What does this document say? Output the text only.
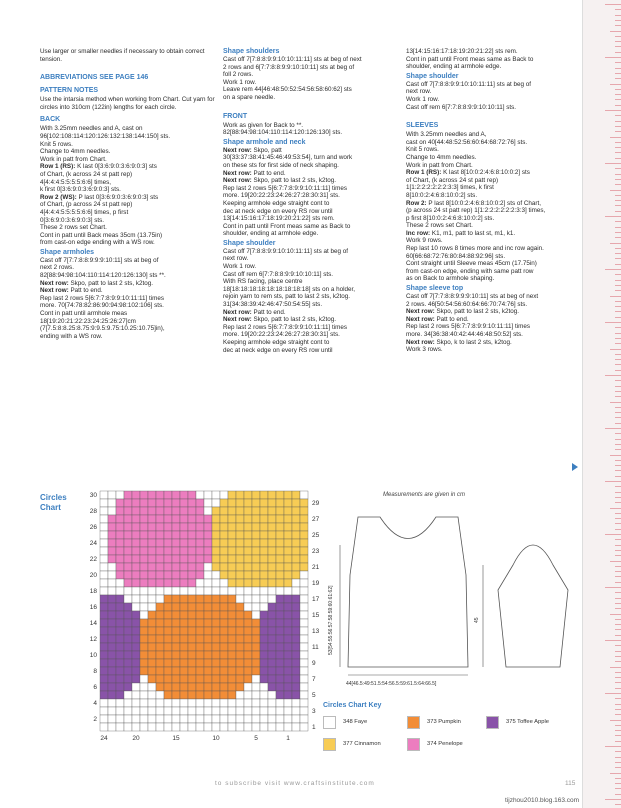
Use larger or smaller needles if necessary to obtain correct tension.

ABBREVIATIONS SEE PAGE 146
PATTERN NOTES

Use the intarsia method when working from Chart. Cut yarn for circles into 310cm (122in) lengths for each circle.

BACK

With 3.25mm needles and A, cast on

96[102:108:114:120:126:132:138:144:150] sts.

Knit 5 rows.

Change to 4mm needles.

Work in patt from Chart.

Row 1 (RS): K last 0[3:6:9:0:3:6:9:0:3] sts

of Chart, (k across 24 st patt rep)

4[4:4:4:5:5:5:5:6:6] times,

k first 0[3:6:9:0:3:6:9:0:3] sts.

Row 2 (WS): P last 0[3:6:9:0:3:6:9:0:3] sts

of Chart, (p across 24 st patt rep)

4[4:4:4:5:5:5:5:6:6] times, p first

0[3:6:9:0:3:6:9:0:3] sts.

These 2 rows set Chart.

Cont in patt until Back meas 35cm (13.75in)

from cast-on edge ending with a WS row.

Shape armholes

Cast off 7[7:7:8:8:9:9:9:10:11] sts at beg of

next 2 rows.

82[88:94:98:104:110:114:120:126:130] sts **.

Next row: Skpo, patt to last 2 sts, k2tog.

Next row: Patt to end.

Rep last 2 rows 5[6:7:7:8:9:9:10:11:11] times

more. 70[74:78:82:86:90:94:98:102:106] sts.

Cont in patt until armhole meas

18[19:20:21:22:23:24:25:26:27]cm

(7[7.5:8:8.25:8.75:9:9.5:9.75:10.25:10.75]in),

ending with a WS row.

Shape shoulders

Cast off 7[7:8:8:9:9:10:10:11:11] sts at beg of next

2 rows and 6[7:7:8:8:9:9:10:10:11] sts at beg of

foll 2 rows.

Work 1 row.

Leave rem 44[46:48:50:52:54:56:58:60:62] sts

on a spare needle.

FRONT

Work as given for Back to **.

82[88:94:98:104:110:114:120:126:130] sts.

Shape armhole and neck

Next row: Skpo, patt

30[33:37:38:41:45:46:49:53:54], turn and work

on these sts for first side of neck shaping.

Next row: Patt to end.

Next row: Skpo, patt to last 2 sts, k2tog.

Rep last 2 rows 5[6:7:7:8:9:9:10:11:11] times

more. 19[20:22:23:24:26:27:28:30:31] sts.

Keeping armhole edge straight cont to

dec at neck edge on every RS row until

13[14:15:16:17:18:19:20:21:22] sts rem.

Cont in patt until Front meas same as Back to

shoulder, ending at armhole edge.

Shape shoulder

Cast off 7[7:8:8:9:9:10:10:11:11] sts at beg of

next row.

Work 1 row.

Cast off rem 6[7:7:8:8:9:9:10:10:11] sts.

With RS facing, place centre

18[18:18:18:18:18:18:18:18:18] sts on a holder,

rejoin yarn to rem sts, patt to last 2 sts, k2tog.

31[34:38:39:42:46:47:50:54:55] sts.

Next row: Patt to end.

Next row: Skpo, patt to last 2 sts, k2tog.

Rep last 2 rows 5[6:7:7:8:9:9:10:11:11] times

more. 19[20:22:23:24:26:27:28:30:31] sts.

Keeping armhole edge straight cont to

dec at neck edge on every RS row until

13[14:15:16:17:18:19:20:21:22] sts rem.

Cont in patt until Front meas same as Back to

shoulder, ending at armhole edge.

Shape shoulder

Cast off 7[7:8:8:9:9:10:10:11:11] sts at beg of

next row.

Work 1 row.

Cast off rem 6[7:7:8:8:9:9:10:10:11] sts.

SLEEVES

With 3.25mm needles and A,

cast on 40[44:48:52:56:60:64:68:72:76] sts.

Knit 5 rows.

Change to 4mm needles.

Work in patt from Chart.

Row 1 (RS): K last 8[10:0:2:4:6:8:10:0:2] sts

of Chart, (k across 24 st patt rep)

1[1:2:2:2:2:2:2:3:3] times, k first

8[10:0:2:4:6:8:10:0:2] sts.

Row 2: P last 8[10:0:2:4:6:8:10:0:2] sts of Chart,

(p across 24 st patt rep) 1[1:2:2:2:2:2:2:3:3] times,

p first 8[10:0:2:4:6:8:10:0:2] sts.

These 2 rows set Chart.

Inc row: K1, m1, patt to last st, m1, k1.

Work 9 rows.

Rep last 10 rows 8 times more and inc row again.

60[66:68:72:76:80:84:88:92:96] sts.

Cont straight until Sleeve meas 45cm (17.75in)

from cast-on edge, ending with same patt row

as on Back to armhole shaping.

Shape sleeve top

Cast off 7[7:7:8:8:9:9:9:10:11] sts at beg of next

2 rows. 46[50:54:56:60:64:66:70:74:76] sts.

Next row: Skpo, patt to last 2 sts, k2tog.

Next row: Patt to end.

Rep last 2 rows 5[6:7:7:8:9:9:10:11:11] times

more. 34[36:38:40:42:44:46:48:50:52] sts.

Next row: Skpo, k to last 2 sts, k2tog.

Work 3 rows.

Circles
Chart
30
28
26
24
22
20
18
16
14
12
10
8
6
4
2
29
27
25
23
21
19
17
15
13
11
9
7
5
3
1
24	20	15	10	5	1
Measurements are given in cm
53[54:55:56:57:58:59:60:61:62]
44[46.5:49:51.5:54:56.5:59:61.5:64:66.5]
45
Circles Chart Key
348 Faye	373 Pumpkin	375 Toffee Apple
377 Cinnamon	374 Penelope
to subscribe visit www.craftsinstitute.com	115
tijzhou2010.blog.163.com
